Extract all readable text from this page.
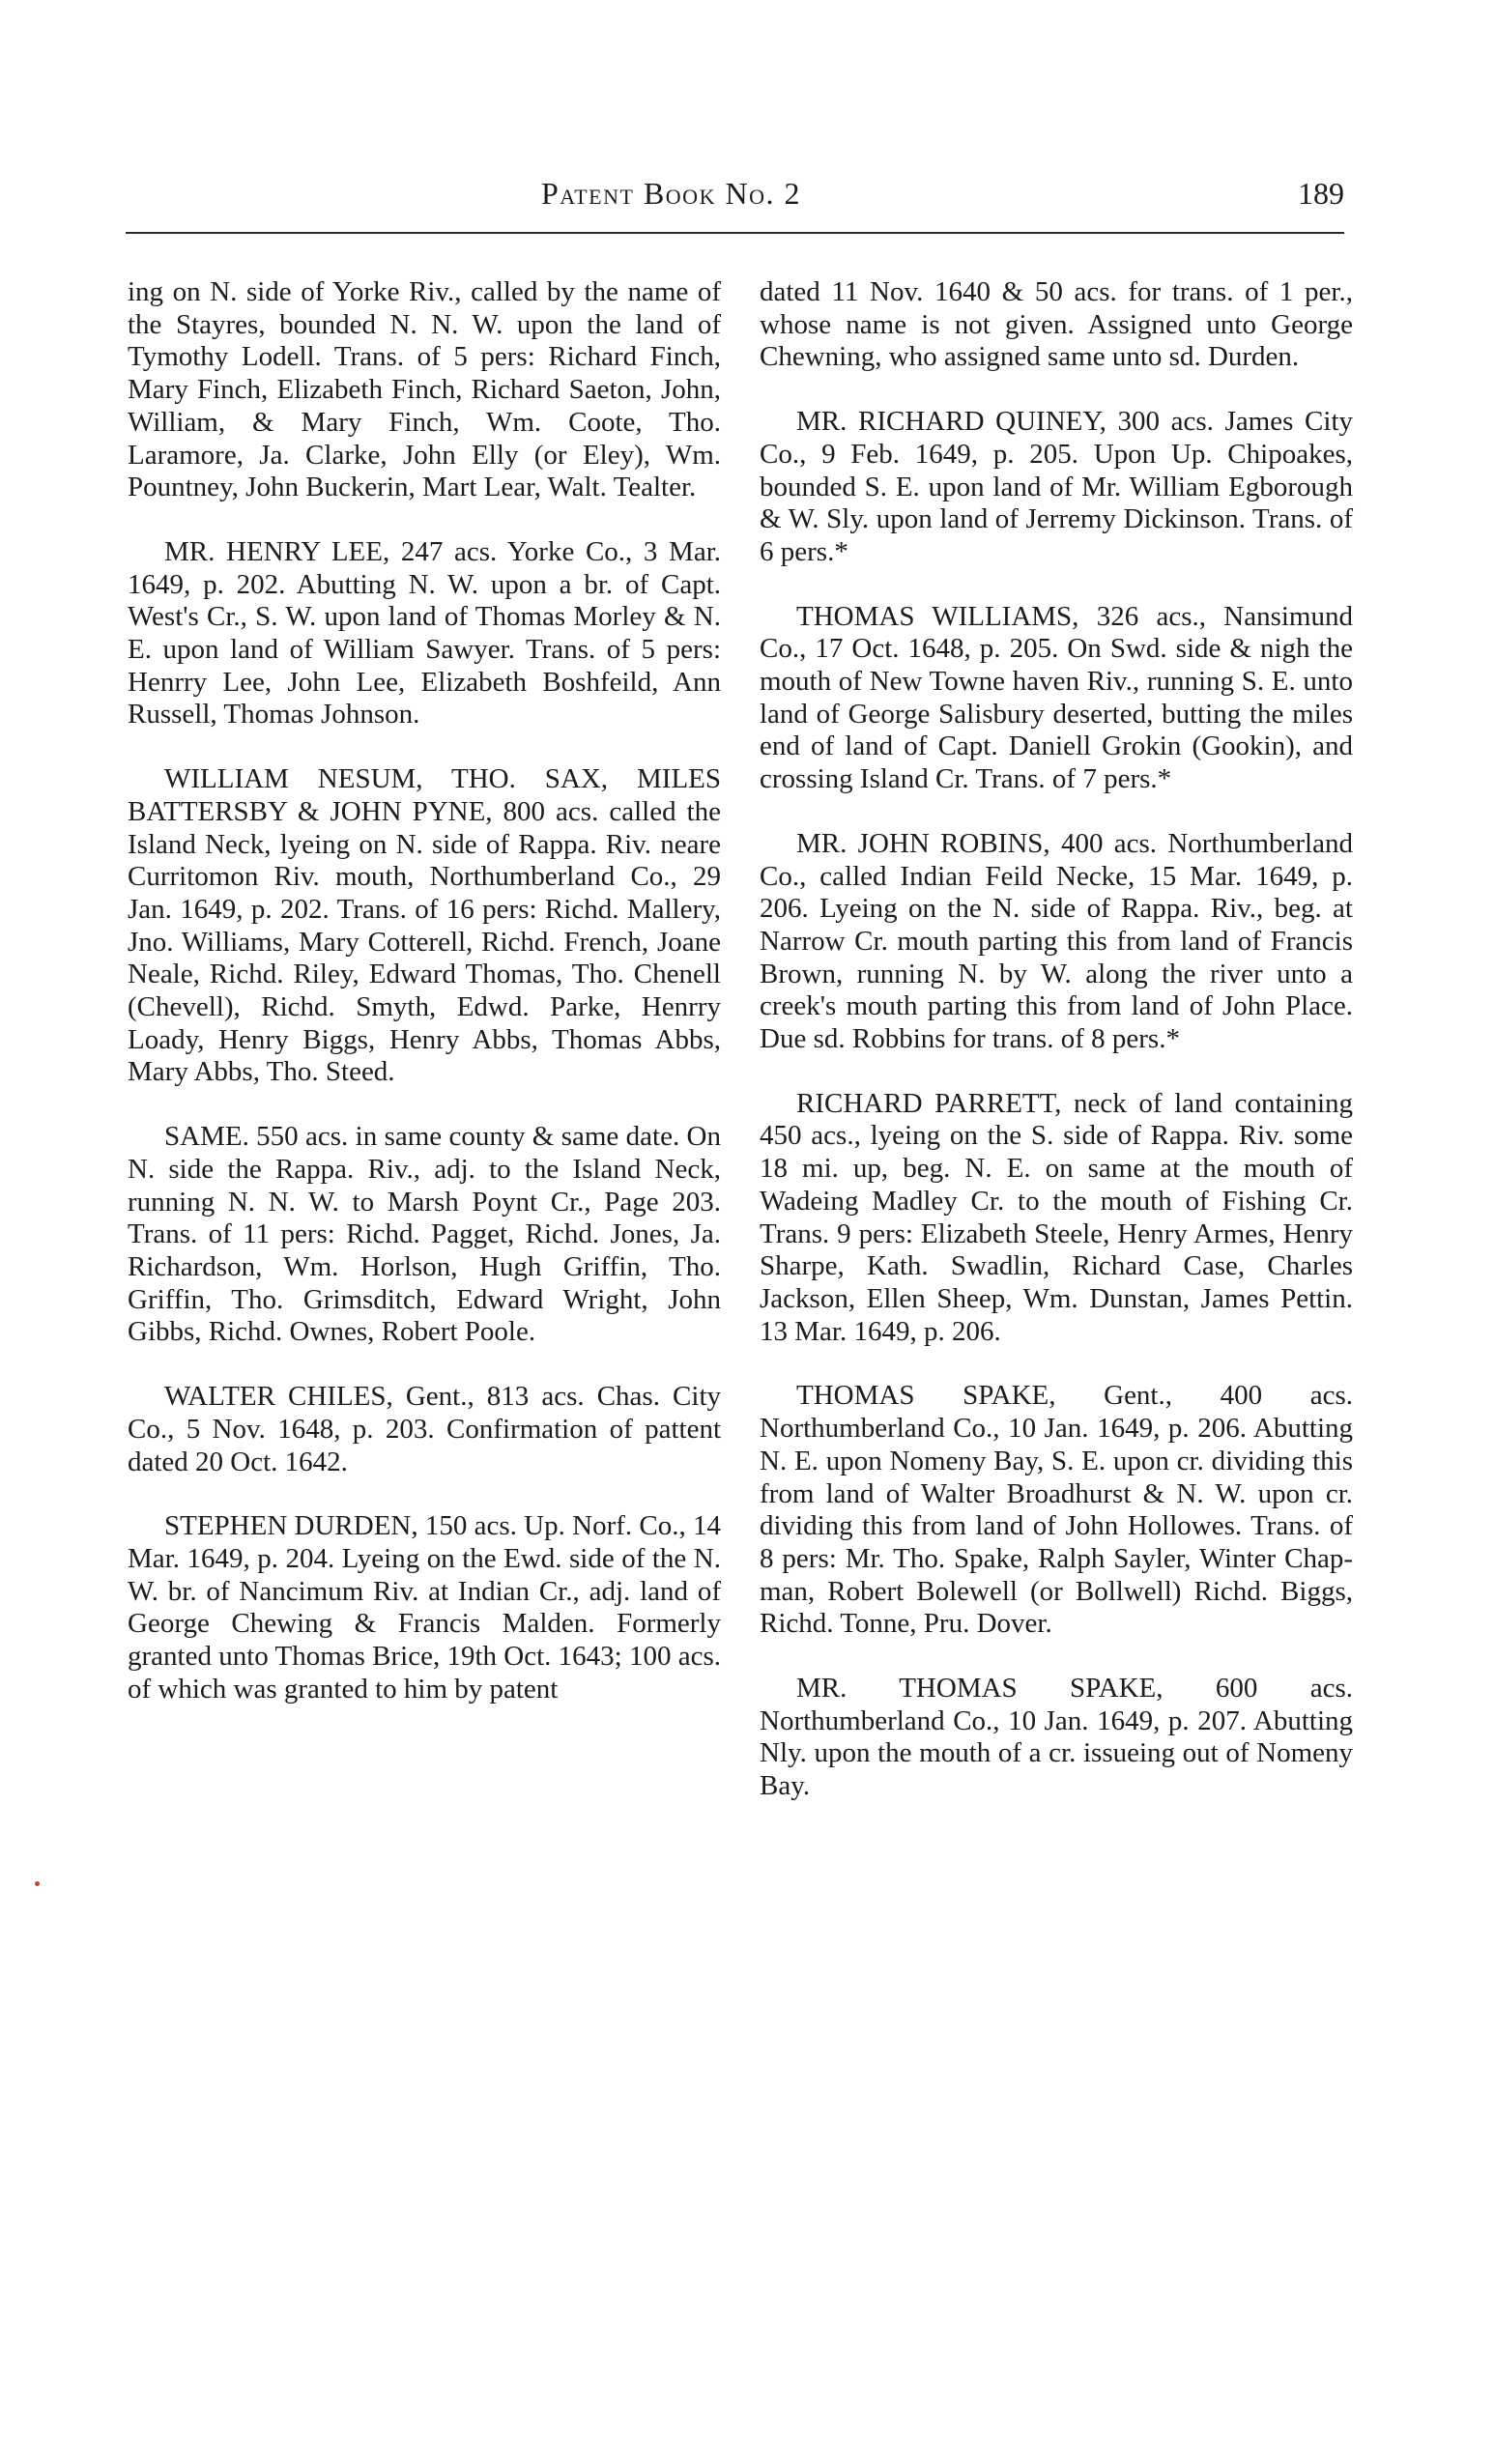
Patent Book No. 2	189

ing on N. side of Yorke Riv., called by the name of the Stayres, bounded N. N. W. upon the land of Tymothy Lodell. Trans. of 5 pers: Richard Finch, Mary Finch, Elizabeth Finch, Richard Saeton, John, William, & Mary Finch, Wm. Coote, Tho. Laramore, Ja. Clarke, John Elly (or Eley), Wm. Pountney, John Buckerin, Mart Lear, Walt. Tealter.

MR. HENRY LEE, 247 acs. Yorke Co., 3 Mar. 1649, p. 202. Abutting N. W. upon a br. of Capt. West's Cr., S. W. upon land of Thomas Morley & N. E. upon land of William Sawyer. Trans. of 5 pers: Henrry Lee, John Lee, Elizabeth Boshfeild, Ann Russell, Thomas Johnson.

WILLIAM NESUM, THO. SAX, MILES BATTERSBY & JOHN PYNE, 800 acs. called the Island Neck, lyeing on N. side of Rappa. Riv. neare Curritomon Riv. mouth, Northumberland Co., 29 Jan. 1649, p. 202. Trans. of 16 pers: Richd. Mallery, Jno. Williams, Mary Cotterell, Richd. French, Joane Neale, Richd. Riley, Edward Thomas, Tho. Chenell (Chevell), Richd. Smyth, Edwd. Parke, Henrry Loady, Henry Biggs, Henry Abbs, Thomas Abbs, Mary Abbs, Tho. Steed.

SAME. 550 acs. in same county & same date. On N. side the Rappa. Riv., adj. to the Island Neck, running N. N. W. to Marsh Poynt Cr., Page 203. Trans. of 11 pers: Richd. Pagget, Richd. Jones, Ja. Richardson, Wm. Horlson, Hugh Griffin, Tho. Griffin, Tho. Grimsditch, Edward Wright, John Gibbs, Richd. Ownes, Robert Poole.

WALTER CHILES, Gent., 813 acs. Chas. City Co., 5 Nov. 1648, p. 203. Confirmation of pattent dated 20 Oct. 1642.

STEPHEN DURDEN, 150 acs. Up. Norf. Co., 14 Mar. 1649, p. 204. Lyeing on the Ewd. side of the N. W. br. of Nancimum Riv. at Indian Cr., adj. land of George Chewing & Francis Malden. Formerly granted unto Thomas Brice, 19th Oct. 1643; 100 acs. of which was granted to him by patent

dated 11 Nov. 1640 & 50 acs. for trans. of 1 per., whose name is not given. Assigned unto George Chewning, who assigned same unto sd. Durden.

MR. RICHARD QUINEY, 300 acs. James City Co., 9 Feb. 1649, p. 205. Upon Up. Chipoakes, bounded S. E. upon land of Mr. William Egborough & W. Sly. upon land of Jerremy Dickinson. Trans. of 6 pers.*

THOMAS WILLIAMS, 326 acs., Nansimund Co., 17 Oct. 1648, p. 205. On Swd. side & nigh the mouth of New Towne haven Riv., running S. E. unto land of George Salisbury deserted, butting the miles end of land of Capt. Daniell Grokin (Gookin), and crossing Island Cr. Trans. of 7 pers.*

MR. JOHN ROBINS, 400 acs. Northumberland Co., called Indian Feild Necke, 15 Mar. 1649, p. 206. Lyeing on the N. side of Rappa. Riv., beg. at Narrow Cr. mouth parting this from land of Francis Brown, running N. by W. along the river unto a creek's mouth parting this from land of John Place. Due sd. Robbins for trans. of 8 pers.*

RICHARD PARRETT, neck of land containing 450 acs., lyeing on the S. side of Rappa. Riv. some 18 mi. up, beg. N. E. on same at the mouth of Wadeing Madley Cr. to the mouth of Fishing Cr. Trans. 9 pers: Elizabeth Steele, Henry Armes, Henry Sharpe, Kath. Swadlin, Richard Case, Charles Jackson, Ellen Sheep, Wm. Dunstan, James Pettin. 13 Mar. 1649, p. 206.

THOMAS SPAKE, Gent., 400 acs. Northumberland Co., 10 Jan. 1649, p. 206. Abutting N. E. upon Nomeny Bay, S. E. upon cr. dividing this from land of Walter Broadhurst & N. W. upon cr. dividing this from land of John Hollowes. Trans. of 8 pers: Mr. Tho. Spake, Ralph Sayler, Winter Chapman, Robert Bolewell (or Bollwell) Richd. Biggs, Richd. Tonne, Pru. Dover.

MR. THOMAS SPAKE, 600 acs. Northumberland Co., 10 Jan. 1649, p. 207. Abutting Nly. upon the mouth of a cr. issueing out of Nomeny Bay.
